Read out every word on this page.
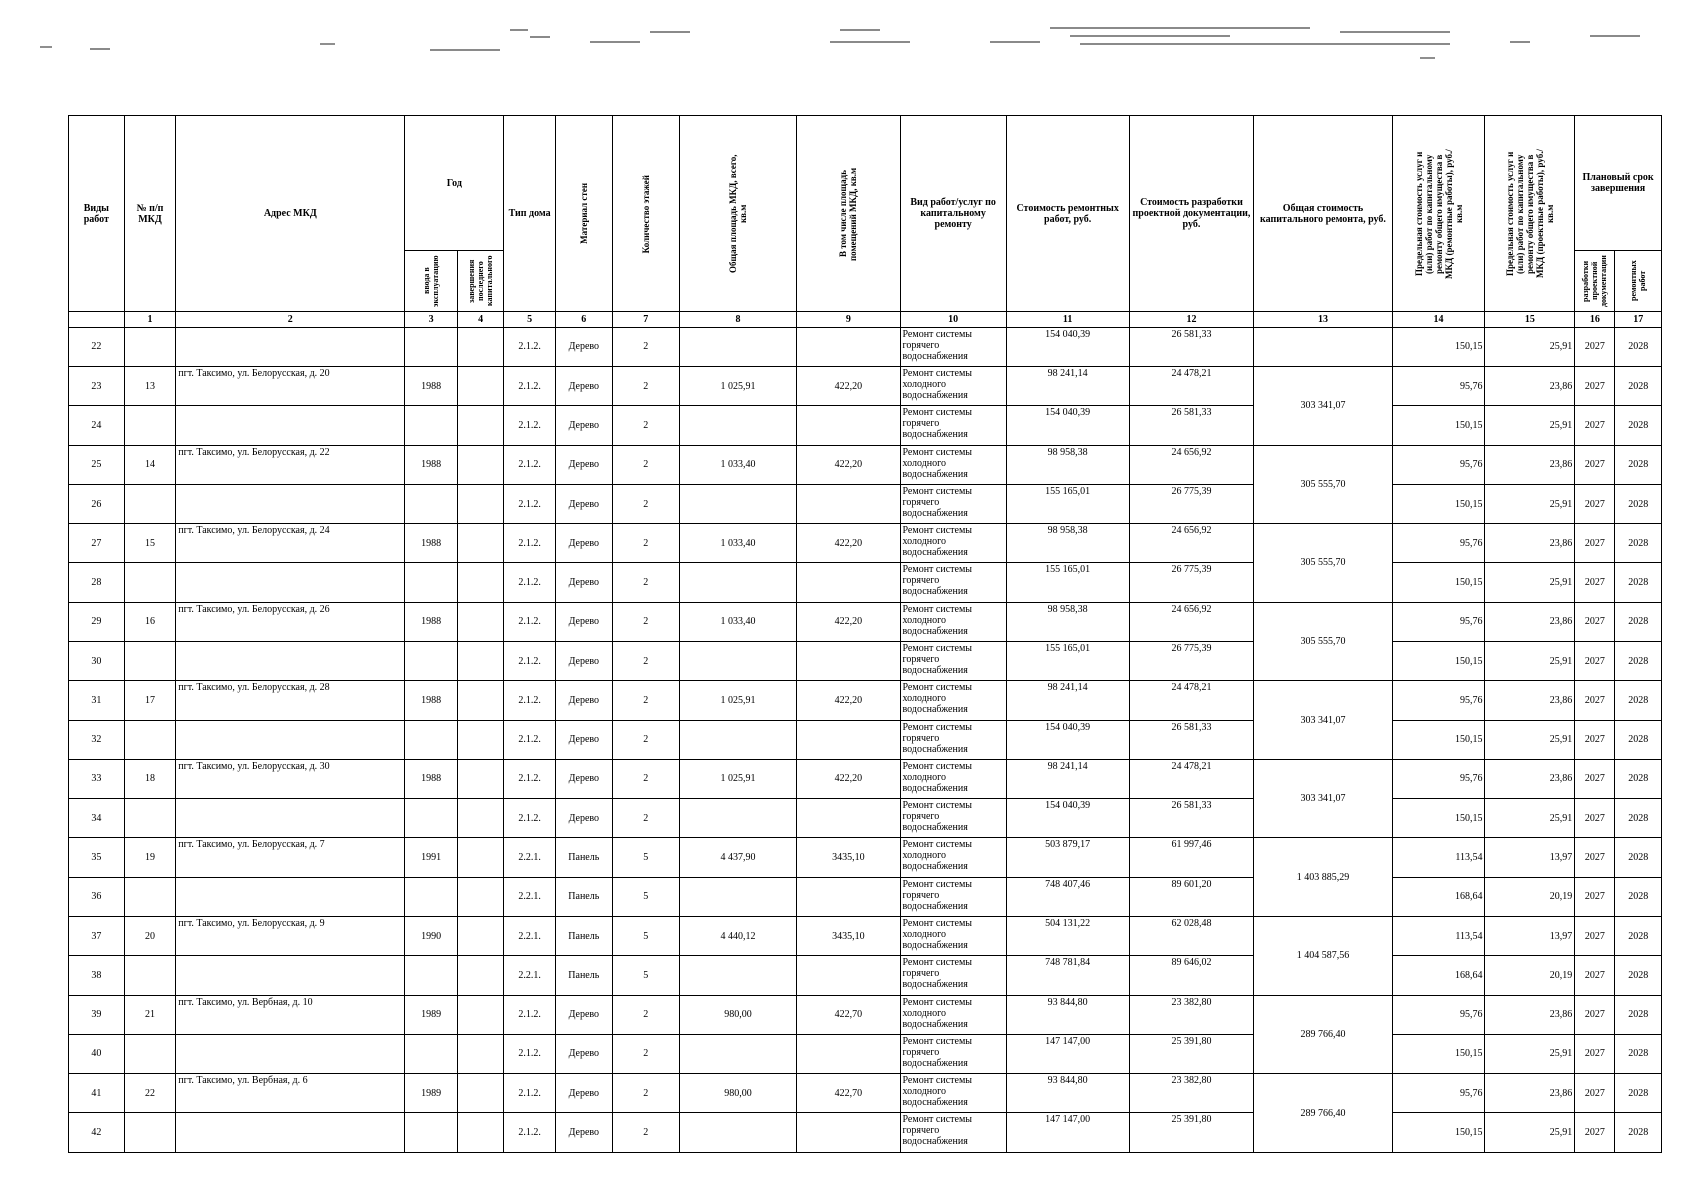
Виды работ	№ п/п МКД	Адрес МКД	Год		Тип дома	Материал стен	Количество этажей	Общая площадь МКД, всего, кв.м	В том числе площадь помещений МКД, кв.м	Вид работ/услуг по капитальному ремонту	Стоимость ремонтных работ, руб.	Стоимость разработки проектной документации, руб.	Общая стоимость капитального ремонта, руб.	Предельная стоимость услуг и (или) работ по капитальному ремонту общего имущества в МКД (ремонтные работы), руб./кв.м	Предельная стоимость услуг и (или) работ по капитальному ремонту общего имущества в МКД (проектные работы), руб./кв.м	Плановый срок завершения	

			ввода в эксплуатацию	завершения последнего капитального												разработки проектной документации	ремонтных работ

	1	2	3	4	5	6	7	8	9	10	11	12	13	14	15	16	17
22					2.1.2.	Дерево	2			Ремонт системы горячего водоснабжения	154 040,39	26 581,33		150,15	25,91	2027	2028
23	13	пгт. Таксимо, ул. Белорусская, д. 20	1988		2.1.2.	Дерево	2	1 025,91	422,20	Ремонт системы холодного водоснабжения	98 241,14	24 478,21	303 341,07	95,76	23,86	2027	2028
24					2.1.2.	Дерево	2			Ремонт системы горячего водоснабжения	154 040,39	26 581,33		150,15	25,91	2027	2028
25	14	пгт. Таксимо, ул. Белорусская, д. 22	1988		2.1.2.	Дерево	2	1 033,40	422,20	Ремонт системы холодного водоснабжения	98 958,38	24 656,92	305 555,70	95,76	23,86	2027	2028
26					2.1.2.	Дерево	2			Ремонт системы горячего водоснабжения	155 165,01	26 775,39		150,15	25,91	2027	2028
27	15	пгт. Таксимо, ул. Белорусская, д. 24	1988		2.1.2.	Дерево	2	1 033,40	422,20	Ремонт системы холодного водоснабжения	98 958,38	24 656,92	305 555,70	95,76	23,86	2027	2028
28					2.1.2.	Дерево	2			Ремонт системы горячего водоснабжения	155 165,01	26 775,39		150,15	25,91	2027	2028
29	16	пгт. Таксимо, ул. Белорусская, д. 26	1988		2.1.2.	Дерево	2	1 033,40	422,20	Ремонт системы холодного водоснабжения	98 958,38	24 656,92	305 555,70	95,76	23,86	2027	2028
30					2.1.2.	Дерево	2			Ремонт системы горячего водоснабжения	155 165,01	26 775,39		150,15	25,91	2027	2028
31	17	пгт. Таксимо, ул. Белорусская, д. 28	1988		2.1.2.	Дерево	2	1 025,91	422,20	Ремонт системы холодного водоснабжения	98 241,14	24 478,21	303 341,07	95,76	23,86	2027	2028
32					2.1.2.	Дерево	2			Ремонт системы горячего водоснабжения	154 040,39	26 581,33		150,15	25,91	2027	2028
33	18	пгт. Таксимо, ул. Белорусская, д. 30	1988		2.1.2.	Дерево	2	1 025,91	422,20	Ремонт системы холодного водоснабжения	98 241,14	24 478,21	303 341,07	95,76	23,86	2027	2028
34					2.1.2.	Дерево	2			Ремонт системы горячего водоснабжения	154 040,39	26 581,33		150,15	25,91	2027	2028
35	19	пгт. Таксимо, ул. Белорусская, д. 7	1991		2.2.1.	Панель	5	4 437,90	3435,10	Ремонт системы холодного водоснабжения	503 879,17	61 997,46	1 403 885,29	113,54	13,97	2027	2028
36					2.2.1.	Панель	5			Ремонт системы горячего водоснабжения	748 407,46	89 601,20		168,64	20,19	2027	2028
37	20	пгт. Таксимо, ул. Белорусская, д. 9	1990		2.2.1.	Панель	5	4 440,12	3435,10	Ремонт системы холодного водоснабжения	504 131,22	62 028,48	1 404 587,56	113,54	13,97	2027	2028
38					2.2.1.	Панель	5			Ремонт системы горячего водоснабжения	748 781,84	89 646,02		168,64	20,19	2027	2028
39	21	пгт. Таксимо, ул. Вербная, д. 10	1989		2.1.2.	Дерево	2	980,00	422,70	Ремонт системы холодного водоснабжения	93 844,80	23 382,80	289 766,40	95,76	23,86	2027	2028
40					2.1.2.	Дерево	2			Ремонт системы горячего водоснабжения	147 147,00	25 391,80		150,15	25,91	2027	2028
41	22	пгт. Таксимо, ул. Вербная, д. 6	1989		2.1.2.	Дерево	2	980,00	422,70	Ремонт системы холодного водоснабжения	93 844,80	23 382,80	289 766,40	95,76	23,86	2027	2028
42					2.1.2.	Дерево	2			Ремонт системы горячего водоснабжения	147 147,00	25 391,80		150,15	25,91	2027	2028
